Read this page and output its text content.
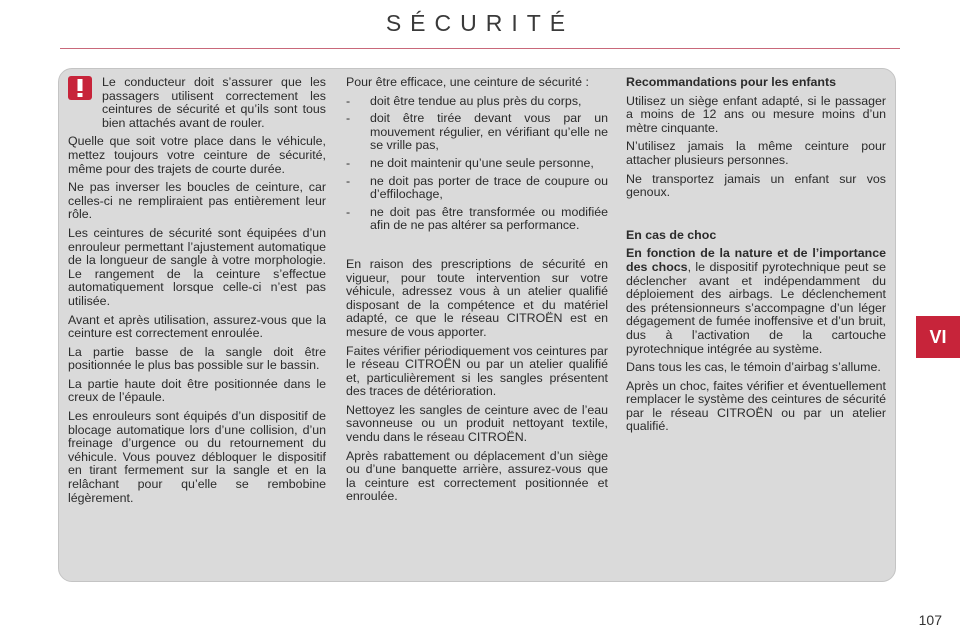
SÉCURITÉ
Le conducteur doit s’assurer que les passagers utilisent correctement les ceintures de sécurité et qu’ils sont tous bien attachés avant de rouler.

Quelle que soit votre place dans le véhicule, mettez toujours votre ceinture de sécurité, même pour des trajets de courte durée.

Ne pas inverser les boucles de ceinture, car celles-ci ne rempliraient pas entièrement leur rôle.

Les ceintures de sécurité sont équipées d’un enrouleur permettant l’ajustement automatique de la longueur de sangle à votre morphologie. Le rangement de la ceinture s’effectue automatiquement lorsque celle-ci n’est pas utilisée.

Avant et après utilisation, assurez-vous que la ceinture est correctement enroulée.

La partie basse de la sangle doit être positionnée le plus bas possible sur le bassin.

La partie haute doit être positionnée dans le creux de l’épaule.

Les enrouleurs sont équipés d’un dispositif de blocage automatique lors d’une collision, d’un freinage d’urgence ou du retournement du véhicule. Vous pouvez débloquer le dispositif en tirant fermement sur la sangle et en la relâchant pour qu’elle se rembobine légèrement.

Pour être efficace, une ceinture de sécurité :

-	doit être tendue au plus près du corps,
-	doit être tirée devant vous par un mouvement régulier, en vérifiant qu’elle ne se vrille pas,
-	ne doit maintenir qu’une seule personne,
-	ne doit pas porter de trace de coupure ou d’effilochage,
-	ne doit pas être transformée ou modifiée afin de ne pas altérer sa performance.

En raison des prescriptions de sécurité en vigueur, pour toute intervention sur votre véhicule, adressez vous à un atelier qualifié disposant de la compétence et du matériel adapté, ce que le réseau CITROËN est en mesure de vous apporter.

Faites vérifier périodiquement vos ceintures par le réseau CITROËN ou par un atelier qualifié et, particulièrement si les sangles présentent des traces de détérioration.

Nettoyez les sangles de ceinture avec de l’eau savonneuse ou un produit nettoyant textile, vendu dans le réseau CITROËN.

Après rabattement ou déplacement d’un siège ou d’une banquette arrière, assurez-vous que la ceinture est correctement positionnée et enroulée.

Recommandations pour les enfants

Utilisez un siège enfant adapté, si le passager a moins de 12 ans ou mesure moins d’un mètre cinquante.

N’utilisez jamais la même ceinture pour attacher plusieurs personnes.

Ne transportez jamais un enfant sur vos genoux.

En cas de choc

En fonction de la nature et de l’importance des chocs, le dispositif pyrotechnique peut se déclencher avant et indépendamment du déploiement des airbags. Le déclenchement des prétensionneurs s’accompagne d’un léger dégagement de fumée inoffensive et d’un bruit, dus à l’activation de la cartouche pyrotechnique intégrée au système.

Dans tous les cas, le témoin d’airbag s’allume.

Après un choc, faites vérifier et éventuellement remplacer le système des ceintures de sécurité par le réseau CITROËN ou par un atelier qualifié.

VI
107
